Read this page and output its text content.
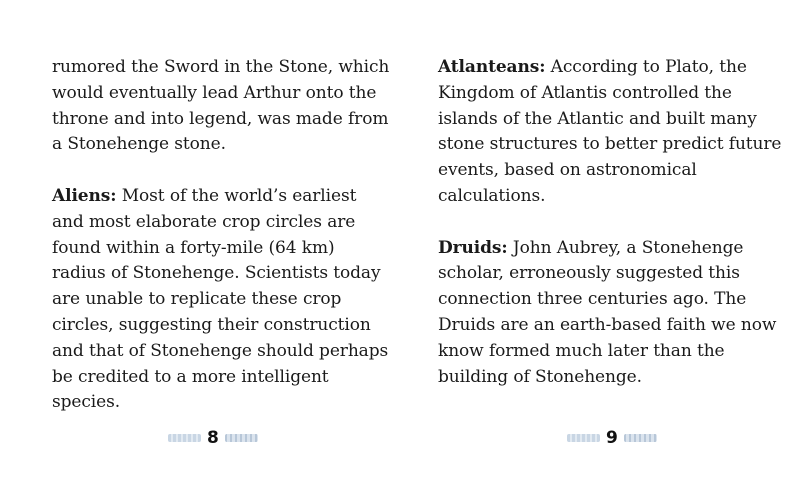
rumored the Sword in the Stone, which would eventually lead Arthur onto the throne and into legend, was made from a Stonehenge stone.

Aliens: Most of the world’s earliest and most elaborate crop circles are found within a forty-mile (64 km) radius of Stonehenge. Scientists today are unable to replicate these crop circles, suggesting their construction and that of Stonehenge should perhaps be credited to a more intelligent species.

8

Atlanteans: According to Plato, the Kingdom of Atlantis controlled the islands of the Atlantic and built many stone structures to better predict future events, based on astronomical calculations.

Druids: John Aubrey, a Stonehenge scholar, erroneously suggested this connection three centuries ago. The Druids are an earth-based faith we now know formed much later than the building of Stonehenge.

9
